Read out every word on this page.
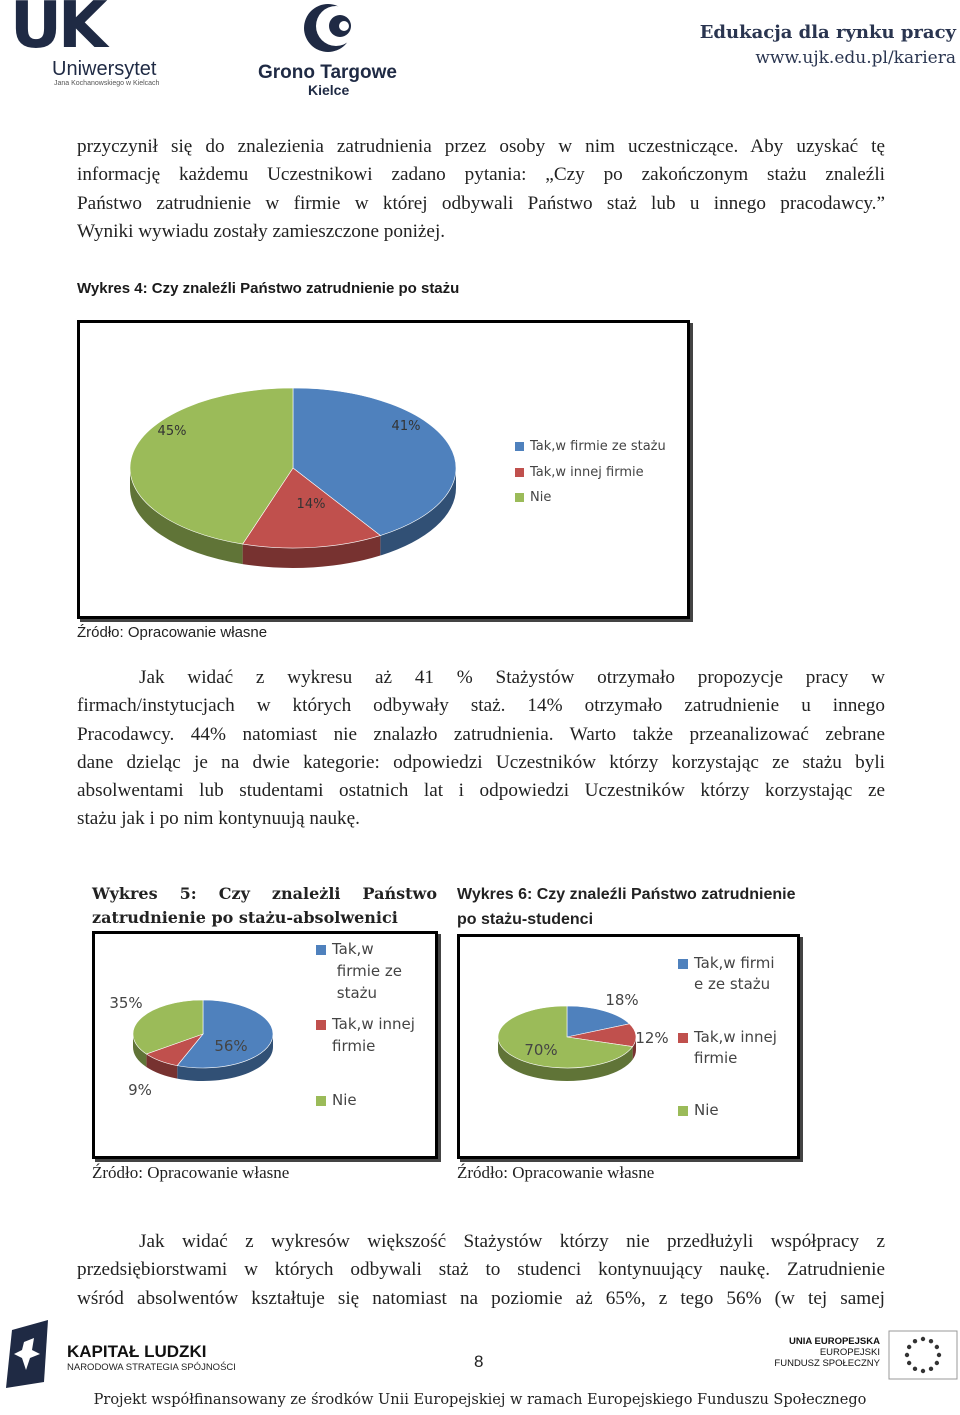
UK
Uniwersytet
Jana Kochanowskiego w Kielcach
Grono Targowe
Kielce
Edukacja dla rynku pracy
www.ujk.edu.pl/kariera
przyczynił się do znalezienia zatrudnienia przez osoby w nim uczestniczące. Aby uzyskać tę
informację każdemu Uczestnikowi zadano pytania: „Czy po zakończonym stażu znaleźli
Państwo zatrudnienie w firmie w której odbywali Państwo staż lub u innego pracodawcy.”
Wyniki wywiadu zostały zamieszczone poniżej.
Wykres 4: Czy znaleźli Państwo zatrudnienie po stażu
41%
14%
45%
Tak,w firmie ze stażu
Tak,w innej firmie
Nie
Źródło: Opracowanie własne
Jak widać z wykresu aż 41 % Stażystów otrzymało propozycje pracy w
firmach/instytucjach w których odbywały staż. 14% otrzymało zatrudnienie u innego
Pracodawcy. 44% natomiast nie znalazło zatrudnienia. Warto także przeanalizować zebrane
dane dzieląc je na dwie kategorie: odpowiedzi Uczestników którzy korzystając ze stażu byli
absolwentami lub studentami ostatnich lat i odpowiedzi Uczestników którzy korzystając ze
stażu jak i po nim kontynuują naukę.
Wykres 5: Czy znależli Państwo
zatrudnienie po stażu-absolwenici
56%
9%
35%
Tak,w firmie ze stażu
Tak,w innej firmie
Nie
Źródło: Opracowanie własne
Wykres 6: Czy znaleźli Państwo zatrudnienie
po stażu-studenci
18%
12%
70%
Tak,w firmi e ze stażu
Tak,w innej firmie
Nie
Źródło: Opracowanie własne
Jak widać z wykresów większość Stażystów którzy nie przedłużyli współpracy z
przedsiębiorstwami w których odbywali staż to studenci kontynuujący naukę. Zatrudnienie
wśród absolwentów kształtuje się natomiast na poziomie aż 65%, z tego 56% (w tej samej
KAPITAŁ LUDZKI
NARODOWA STRATEGIA SPÓJNOŚCI	8
UNIA EUROPEJSKA
EUROPEJSKI
FUNDUSZ SPOŁECZNY
Projekt współfinansowany ze środków Unii Europejskiej w ramach Europejskiego Funduszu Społecznego
